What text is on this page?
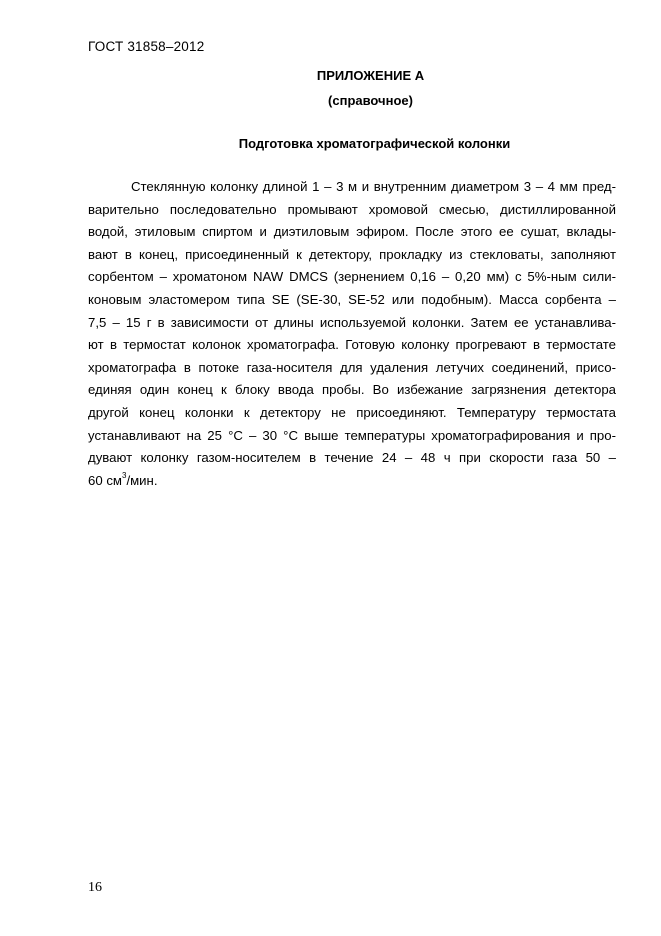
ГОСТ 31858–2012
ПРИЛОЖЕНИЕ А
(справочное)
Подготовка хроматографической колонки
Стеклянную колонку длиной 1 – 3 м и внутренним диаметром 3 – 4 мм пред-
варительно последовательно промывают хромовой смесью, дистиллированной
водой, этиловым спиртом и диэтиловым эфиром. После этого ее сушат, вклады-
вают в конец, присоединенный к детектору, прокладку из стекловаты, заполняют
сорбентом – хроматоном NAW DMCS (зернением 0,16 – 0,20 мм) с 5%-ным сили-
коновым эластомером типа SE (SE-30, SE-52 или подобным). Масса сорбента –
7,5 – 15 г в зависимости от длины используемой колонки. Затем ее устанавлива-
ют в термостат колонок хроматографа. Готовую колонку прогревают в термостате
хроматографа в потоке газа-носителя для удаления летучих соединений, присо-
единяя один конец к блоку ввода пробы. Во избежание загрязнения детектора
другой конец колонки к детектору не присоединяют. Температуру термостата
устанавливают на 25 °С – 30 °С выше температуры хроматографирования и про-
дувают колонку газом-носителем в течение 24 – 48 ч при скорости газа 50 –
60 $см^3$/мин.
16
